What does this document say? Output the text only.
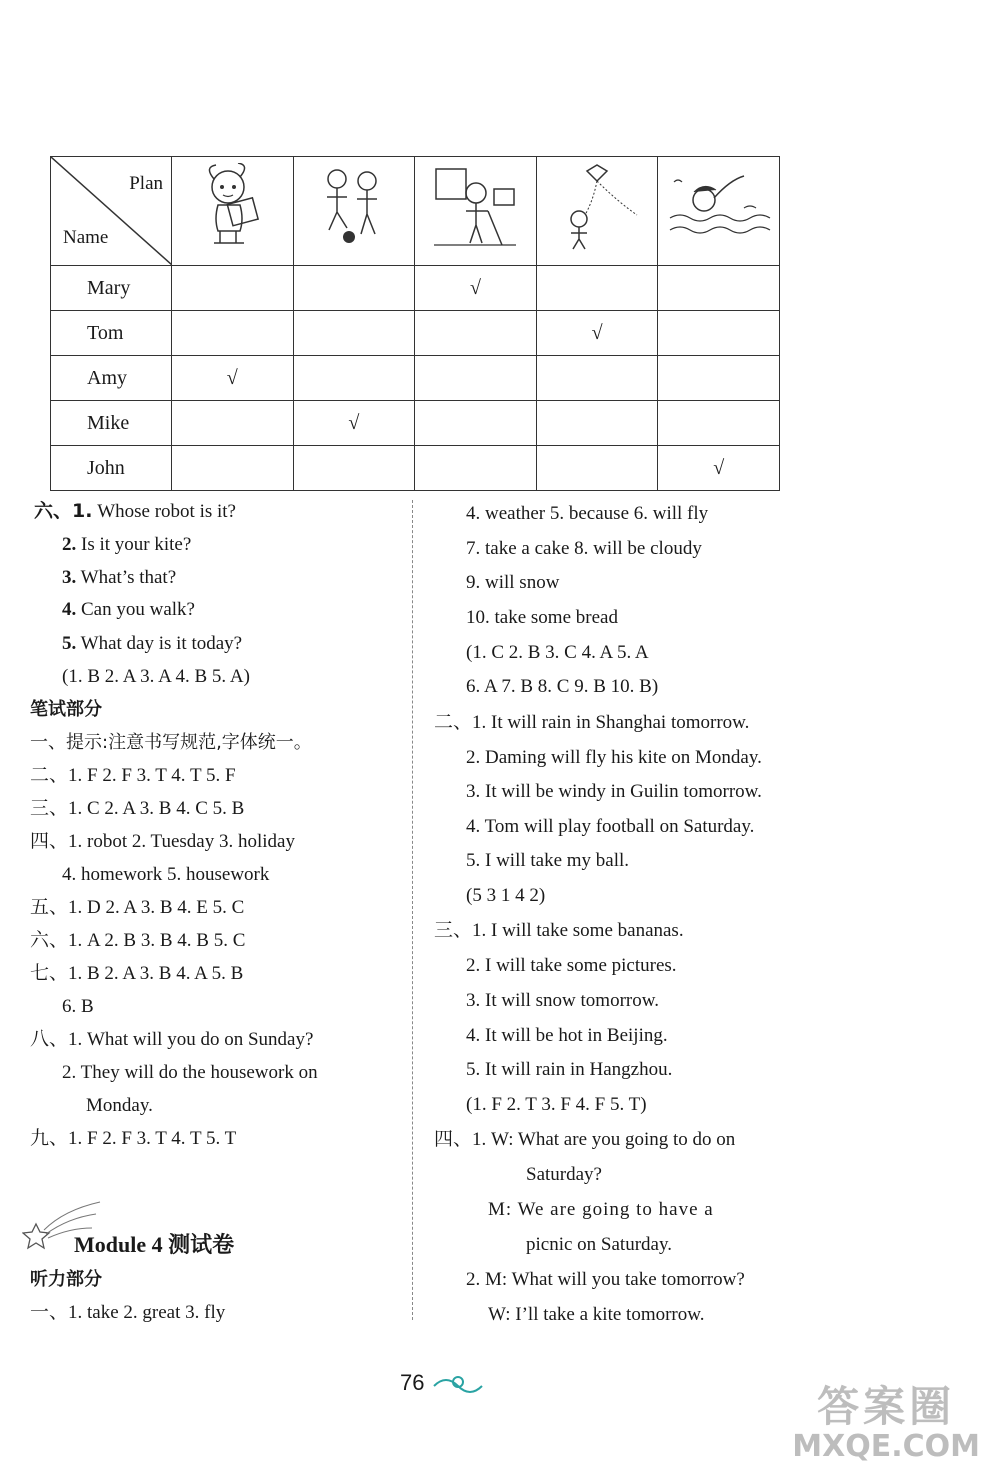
Plan
Name

Mary			√		
Tom				√	
Amy	√				
Mike		√			
John					√
六、1. Whose robot is it?
2. Is it your kite?
3. What’s that?
4. Can you walk?
5. What day is it today?
(1. B 2. A 3. A 4. B 5. A)
笔试部分
一、提示:注意书写规范,字体统一。
二、1. F 2. F 3. T 4. T 5. F
三、1. C 2. A 3. B 4. C 5. B
四、1. robot 2. Tuesday 3. holiday
4. homework 5. housework
五、1. D 2. A 3. B 4. E 5. C
六、1. A 2. B 3. B 4. B 5. C
七、1. B 2. A 3. B 4. A 5. B
6. B
八、1. What will you do on Sunday?
2. They will do the housework on
Monday.
九、1. F 2. F 3. T 4. T 5. T
Module 4 测试卷
听力部分
一、1. take 2. great 3. fly
4. weather 5. because 6. will fly
7. take a cake 8. will be cloudy
9. will snow
10. take some bread
(1. C 2. B 3. C 4. A 5. A
6. A 7. B 8. C 9. B 10. B)
二、1. It will rain in Shanghai tomorrow.
2. Daming will fly his kite on Monday.
3. It will be windy in Guilin tomorrow.
4. Tom will play football on Saturday.
5. I will take my ball.
(5 3 1 4 2)
三、1. I will take some bananas.
2. I will take some pictures.
3. It will snow tomorrow.
4. It will be hot in Beijing.
5. It will rain in Hangzhou.
(1. F 2. T 3. F 4. F 5. T)
四、1. W: What are you going to do on
Saturday?
M: We are going to have a
picnic on Saturday.
2. M: What will you take tomorrow?
W: I’ll take a kite tomorrow.
76	答案圈
MXQE.COM
